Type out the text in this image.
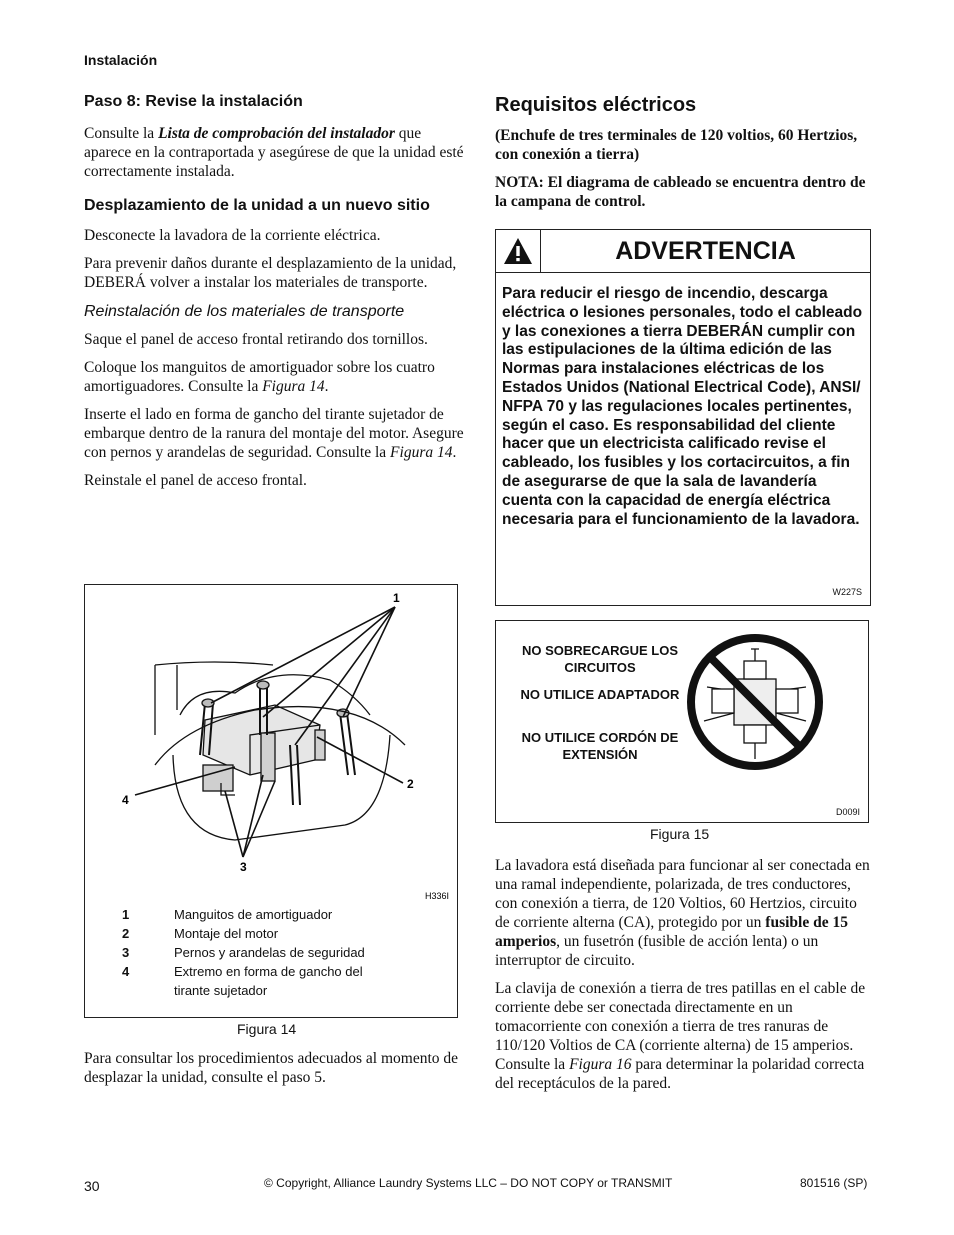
Instalación
Paso 8: Revise la instalación

Consulte la Lista de comprobación del instalador que aparece en la contraportada y asegúrese de que la unidad esté correctamente instalada.

Desplazamiento de la unidad a un nuevo sitio

Desconecte la lavadora de la corriente eléctrica.

Para prevenir daños durante el desplazamiento de la unidad, DEBERÁ volver a instalar los materiales de transporte.

Reinstalación de los materiales de transporte

Saque el panel de acceso frontal retirando dos tornillos.

Coloque los manguitos de amortiguador sobre los cuatro amortiguadores. Consulte la Figura 14.

Inserte el lado en forma de gancho del tirante sujetador de embarque dentro de la ranura del montaje del motor. Asegure con pernos y arandelas de seguridad. Consulte la Figura 14.

Reinstale el panel de acceso frontal.

1
2
3
4
H336I
1	Manguitos de amortiguador
2	Montaje del motor
3	Pernos y arandelas de seguridad
4	Extremo en forma de gancho del tirante sujetador
Figura 14

Para consultar los procedimientos adecuados al momento de desplazar la unidad, consulte el paso 5.

Requisitos eléctricos
(Enchufe de tres terminales de 120 voltios, 60 Hertzios, con conexión a tierra)
NOTA: El diagrama de cableado se encuentra dentro de la campana de control.
ADVERTENCIA
Para reducir el riesgo de incendio, descarga eléctrica o lesiones personales, todo el cableado y las conexiones a tierra DEBERÁN cumplir con las estipulaciones de la última edición de las Normas para instalaciones eléctricas de los Estados Unidos (National Electrical Code), ANSI/ NFPA 70 y las regulaciones locales pertinentes, según el caso. Es responsabilidad del cliente hacer que un electricista calificado revise el cableado, los fusibles y los cortacircuitos, a fin de asegurarse de que la sala de lavandería cuenta con la capacidad de energía eléctrica necesaria para el funcionamiento de la lavadora.
W227S
NO SOBRECARGUE LOS CIRCUITOS
NO UTILICE ADAPTADOR
NO UTILICE CORDÓN DE EXTENSIÓN
D009I
Figura 15

La lavadora está diseñada para funcionar al ser conectada en una ramal independiente, polarizada, de tres conductores, con conexión a tierra, de 120 Voltios, 60 Hertzios, circuito de corriente alterna (CA), protegido por un fusible de 15 amperios, un fusetrón (fusible de acción lenta) o un interruptor de circuito.

La clavija de conexión a tierra de tres patillas en el cable de corriente debe ser conectada directamente en un tomacorriente con conexión a tierra de tres ranuras de 110/120 Voltios de CA (corriente alterna) de 15 amperios. Consulte la Figura 16 para determinar la polaridad correcta del receptáculos de la pared.

30	© Copyright, Alliance Laundry Systems LLC – DO NOT COPY or TRANSMIT	801516 (SP)
